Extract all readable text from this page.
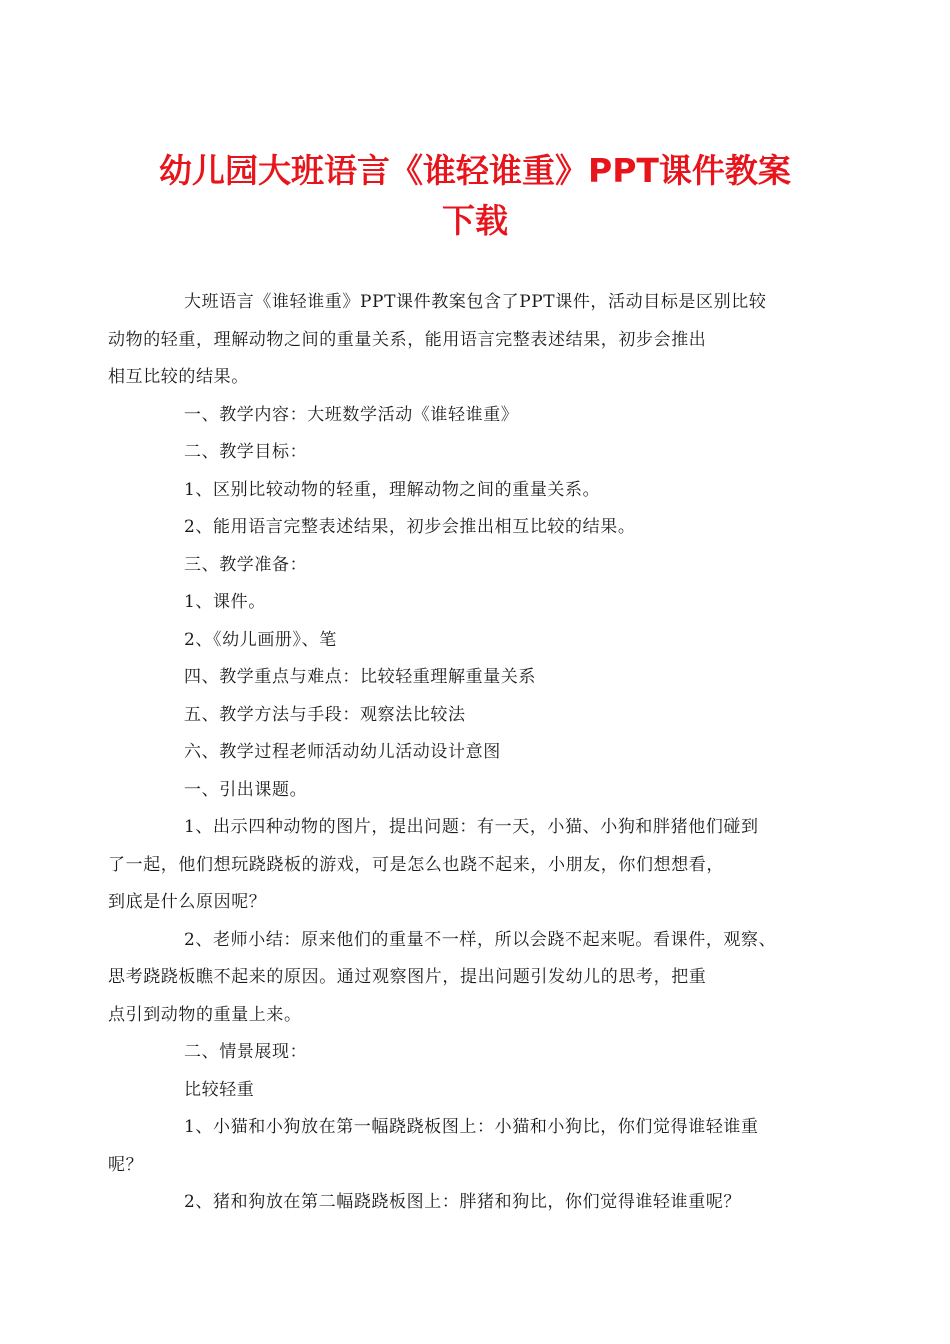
幼儿园大班语言《谁轻谁重》PPT课件教案
下载

大班语言《谁轻谁重》PPT课件教案包含了PPT课件，活动目标是区别比较
动物的轻重，理解动物之间的重量关系，能用语言完整表述结果，初步会推出
相互比较的结果。

一、教学内容：大班数学活动《谁轻谁重》

二、教学目标：

1、区别比较动物的轻重，理解动物之间的重量关系。

2、能用语言完整表述结果，初步会推出相互比较的结果。

三、教学准备：

1、课件。

2、《幼儿画册》、笔

四、教学重点与难点：比较轻重理解重量关系

五、教学方法与手段：观察法比较法

六、教学过程老师活动幼儿活动设计意图

一、引出课题。

1、出示四种动物的图片，提出问题：有一天，小猫、小狗和胖猪他们碰到
了一起，他们想玩跷跷板的游戏，可是怎么也跷不起来，小朋友，你们想想看，
到底是什么原因呢？

2、老师小结：原来他们的重量不一样，所以会跷不起来呢。看课件，观察、
思考跷跷板瞧不起来的原因。通过观察图片，提出问题引发幼儿的思考，把重
点引到动物的重量上来。

二、情景展现：

比较轻重

1、小猫和小狗放在第一幅跷跷板图上：小猫和小狗比，你们觉得谁轻谁重
呢？

2、猪和狗放在第二幅跷跷板图上：胖猪和狗比，你们觉得谁轻谁重呢？
